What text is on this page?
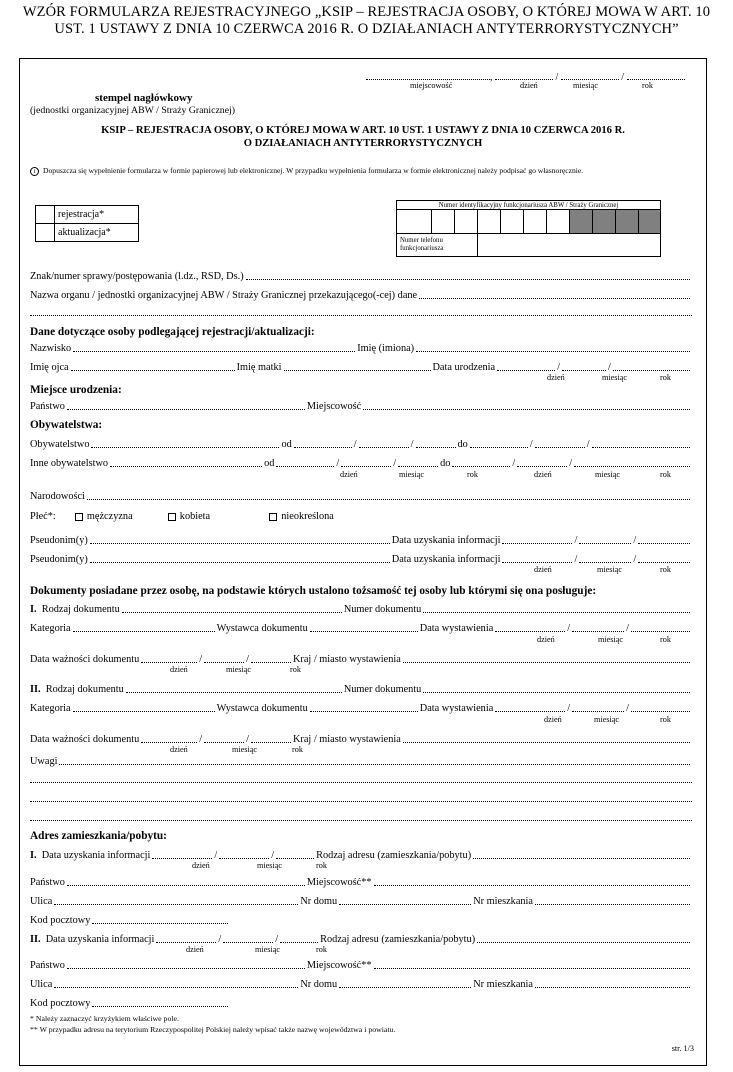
WZÓR FORMULARZA REJESTRACYJNEGO „KSIP – REJESTRACJA OSOBY, O KTÓREJ MOWA W ART. 10
UST. 1 USTAWY Z DNIA 10 CZERWCA 2016 R. O DZIAŁANIACH ANTYTERRORYSTYCZNYCH”
,	/	/
miejscowość	dzień	miesiąc	rok
stempel nagłówkowy
(jednostki organizacyjnej ABW / Straży Granicznej)
KSIP – REJESTRACJA OSOBY, O KTÓREJ MOWA W ART. 10 UST. 1 USTAWY Z DNIA 10 CZERWCA 2016 R.
O DZIAŁANIACH ANTYTERRORYSTYCZNYCH
i Dopuszcza się wypełnienie formularza w formie papierowej lub elektronicznej. W przypadku wypełnienia formularza w formie elektronicznej należy podpisać go własnoręcznie.
	rejestracja*
	aktualizacja*
Numer identyfikacyjny funkcjonariusza ABW / Straży Granicznej										

Numer telefonu
funkcjonariusza										
Znak/numer sprawy/postępowania (l.dz., RSD, Ds.)
Nazwa organu / jednostki organizacyjnej ABW / Straży Granicznej przekazującego(-cej) dane
Dane dotyczące osoby podlegającej rejestracji/aktualizacji:
Nazwisko	Imię (imiona)
Imię ojca	Imię matki	Data urodzenia	/	/
dzień	miesiąc	rok
Miejsce urodzenia:
Państwo	Miejscowość
Obywatelstwa:
Obywatelstwo	od	/	/	do	/	/
Inne obywatelstwo	od	/	/	do	/	/
dzień	miesiąc	rok	dzień	miesiąc	rok
Narodowości
Płeć*:	mężczyzna	kobieta	nieokreślona
Pseudonim(y)	Data uzyskania informacji	/	/
Pseudonim(y)	Data uzyskania informacji	/	/
dzień	miesiąc	rok
Dokumenty posiadane przez osobę, na podstawie których ustalono tożsamość tej osoby lub którymi się ona posługuje:
I.
Rodzaj dokumentu	Numer dokumentu
Kategoria	Wystawca dokumentu	Data wystawienia	/	/
dzień	miesiąc	rok
Data ważności dokumentu	/	/	Kraj / miasto wystawienia
dzień	miesiąc	rok
II.
Rodzaj dokumentu	Numer dokumentu
Kategoria	Wystawca dokumentu	Data wystawienia	/	/
dzień	miesiąc	rok
Data ważności dokumentu	/	/	Kraj / miasto wystawienia
dzień	miesiąc	rok
Uwagi
Adres zamieszkania/pobytu:
I.
Data uzyskania informacji	/	/	Rodzaj adresu (zamieszkania/pobytu)
dzień	miesiąc	rok
Państwo	Miejscowość**
Ulica	Nr domu	Nr mieszkania
Kod pocztowy
II.
Data uzyskania informacji	/	/	Rodzaj adresu (zamieszkania/pobytu)
dzień	miesiąc	rok
Państwo	Miejscowość**
Ulica	Nr domu	Nr mieszkania
Kod pocztowy
* Należy zaznaczyć krzyżykiem właściwe pole.
** W przypadku adresu na terytorium Rzeczypospolitej Polskiej należy wpisać także nazwę województwa i powiatu.
str. 1/3
